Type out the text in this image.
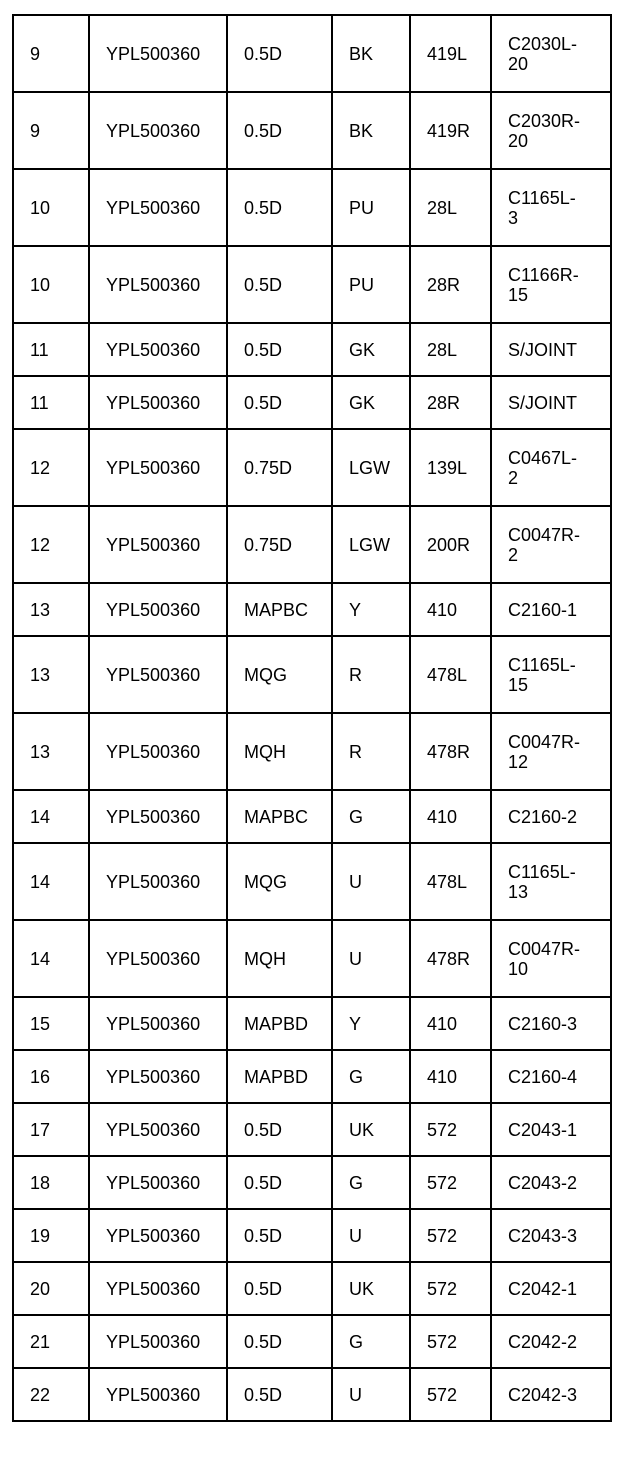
9	YPL500360	0.5D	BK	419L	C2030L-
20
9	YPL500360	0.5D	BK	419R	C2030R-
20
10	YPL500360	0.5D	PU	28L	C1165L-
3
10	YPL500360	0.5D	PU	28R	C1166R-
15
11	YPL500360	0.5D	GK	28L	S/JOINT
11	YPL500360	0.5D	GK	28R	S/JOINT
12	YPL500360	0.75D	LGW	139L	C0467L-
2
12	YPL500360	0.75D	LGW	200R	C0047R-
2
13	YPL500360	MAPBC	Y	410	C2160-1
13	YPL500360	MQG	R	478L	C1165L-
15
13	YPL500360	MQH	R	478R	C0047R-
12
14	YPL500360	MAPBC	G	410	C2160-2
14	YPL500360	MQG	U	478L	C1165L-
13
14	YPL500360	MQH	U	478R	C0047R-
10
15	YPL500360	MAPBD	Y	410	C2160-3
16	YPL500360	MAPBD	G	410	C2160-4
17	YPL500360	0.5D	UK	572	C2043-1
18	YPL500360	0.5D	G	572	C2043-2
19	YPL500360	0.5D	U	572	C2043-3
20	YPL500360	0.5D	UK	572	C2042-1
21	YPL500360	0.5D	G	572	C2042-2
22	YPL500360	0.5D	U	572	C2042-3
